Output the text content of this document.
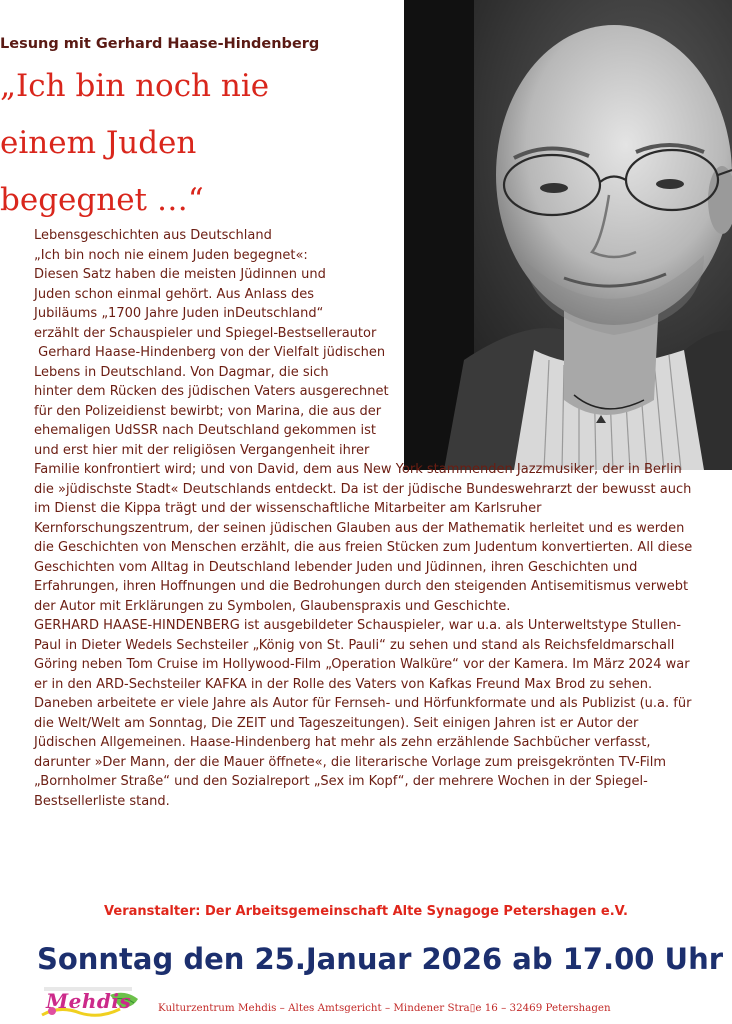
Lesung mit Gerhard Haase-Hindenberg
„Ich bin noch nie
einem Juden
begegnet …“
Lebensgeschichten aus Deutschland
„Ich bin noch nie einem Juden begegnet«:
Diesen Satz haben die meisten Jüdinnen und
Juden schon einmal gehört. Aus Anlass des
Jubiläums „1700 Jahre Juden inDeutschland“
erzählt der Schauspieler und Spiegel-Bestsellerautor
Gerhard Haase-Hindenberg von der Vielfalt jüdischen
Lebens in Deutschland. Von Dagmar, die sich
hinter dem Rücken des jüdischen Vaters ausgerechnet
für den Polizeidienst bewirbt; von Marina, die aus der
ehemaligen UdSSR nach Deutschland gekommen ist
und erst hier mit der religiösen Vergangenheit ihrer
Familie konfrontiert wird; und von David, dem aus New York stammenden Jazzmusiker, der in Berlin
die »jüdischste Stadt« Deutschlands entdeckt. Da ist der jüdische Bundeswehrarzt der bewusst auch
im Dienst die Kippa trägt und der wissenschaftliche Mitarbeiter am Karlsruher
Kernforschungszentrum, der seinen jüdischen Glauben aus der Mathematik herleitet und es werden
die Geschichten von Menschen erzählt, die aus freien Stücken zum Judentum konvertierten. All diese
Geschichten vom Alltag in Deutschland lebender Juden und Jüdinnen, ihren Geschichten und
Erfahrungen, ihren Hoffnungen und die Bedrohungen durch den steigenden Antisemitismus verwebt
der Autor mit Erklärungen zu Symbolen, Glaubenspraxis und Geschichte.
GERHARD HAASE-HINDENBERG ist ausgebildeter Schauspieler, war u.a. als Unterweltstype Stullen-
Paul in Dieter Wedels Sechsteiler „König von St. Pauli“ zu sehen und stand als Reichsfeldmarschall
Göring neben Tom Cruise im Hollywood-Film „Operation Walküre“ vor der Kamera. Im März 2024 war
er in den ARD-Sechsteiler KAFKA in der Rolle des Vaters von Kafkas Freund Max Brod zu sehen.
Daneben arbeitete er viele Jahre als Autor für Fernseh- und Hörfunkformate und als Publizist (u.a. für
die Welt/Welt am Sonntag, Die ZEIT und Tageszeitungen). Seit einigen Jahren ist er Autor der
Jüdischen Allgemeinen. Haase-Hindenberg hat mehr als zehn erzählende Sachbücher verfasst,
darunter »Der Mann, der die Mauer öffnete«, die literarische Vorlage zum preisgekrönten TV-Film
„Bornholmer Straße“ und den Sozialreport „Sex im Kopf“, der mehrere Wochen in der Spiegel-
Bestsellerliste stand.
Veranstalter: Der Arbeitsgemeinschaft Alte Synagoge Petershagen e.V.
Sonntag den 25.Januar 2026 ab 17.00 Uhr
Mehdis	Kulturzentrum Mehdis – Altes Amtsgericht – Mindener Stra▯e 16 – 32469 Petershagen
